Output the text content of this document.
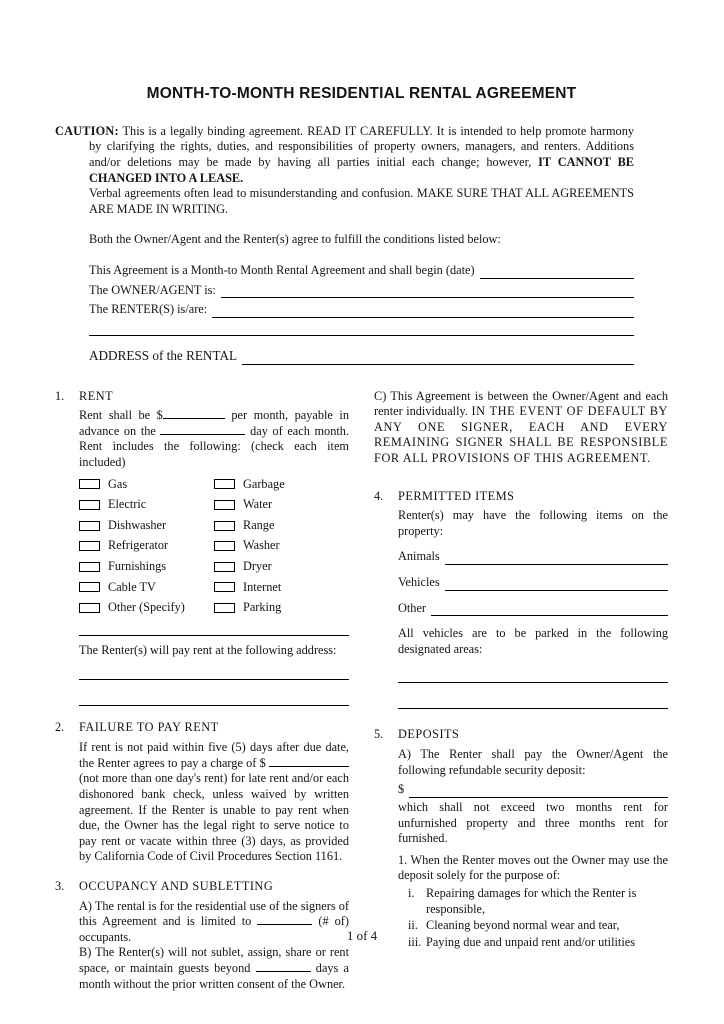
MONTH-TO-MONTH RESIDENTIAL RENTAL AGREEMENT

CAUTION: This is a legally binding agreement. READ IT CAREFULLY. It is intended to help promote harmony by clarifying the rights, duties, and responsibilities of property owners, managers, and renters. Additions and/or deletions may be made by having all parties initial each change; however, IT CANNOT BE CHANGED INTO A LEASE.

Verbal agreements often lead to misunderstanding and confusion. MAKE SURE THAT ALL AGREEMENTS ARE MADE IN WRITING.

Both the Owner/Agent and the Renter(s) agree to fulfill the conditions listed below:

This Agreement is a Month-to Month Rental Agreement and shall begin (date)
The OWNER/AGENT is:
The RENTER(S) is/are:
ADDRESS of the RENTAL
1.	RENT

Rent shall be $	per month, payable in advance on the	day of each month. Rent includes the following: (check each item included)

Gas	Garbage
Electric	Water
Dishwasher	Range
Refrigerator	Washer
Furnishings	Dryer
Cable TV	Internet
Other (Specify)	Parking

The Renter(s) will pay rent at the following address:

2.	FAILURE TO PAY RENT

If rent is not paid within five (5) days after due date, the Renter agrees to pay a charge of $  (not more than one day's rent) for late rent and/or each dishonored bank check, unless waived by written agreement. If the Renter is unable to pay rent when due, the Owner has the legal right to serve notice to pay rent or vacate within three (3) days, as provided by California Code of Civil Procedures Section 1161.

3.	OCCUPANCY AND SUBLETTING

A) The rental is for the residential use of the signers of this Agreement and is limited to	(# of) occupants.

B) The Renter(s) will not sublet, assign, share or rent space, or maintain guests beyond	days a month without the prior written consent of the Owner.

C) This Agreement is between the Owner/Agent and each renter individually. IN THE EVENT OF DEFAULT BY ANY ONE SIGNER, EACH AND EVERY REMAINING SIGNER SHALL BE RESPONSIBLE FOR ALL PROVISIONS OF THIS AGREEMENT.

4.	PERMITTED ITEMS

Renter(s) may have the following items on the property:

Animals
Vehicles
Other

All vehicles are to be parked in the following designated areas:

5.	DEPOSITS

A) The Renter shall pay the Owner/Agent the following refundable security deposit:

$

which shall not exceed two months rent for unfurnished property and three months rent for furnished.

1. When the Renter moves out the Owner may use the deposit solely for the purpose of:

i. Repairing damages for which the Renter is responsible,
ii. Cleaning beyond normal wear and tear,
iii. Paying due and unpaid rent and/or utilities
1 of 4
